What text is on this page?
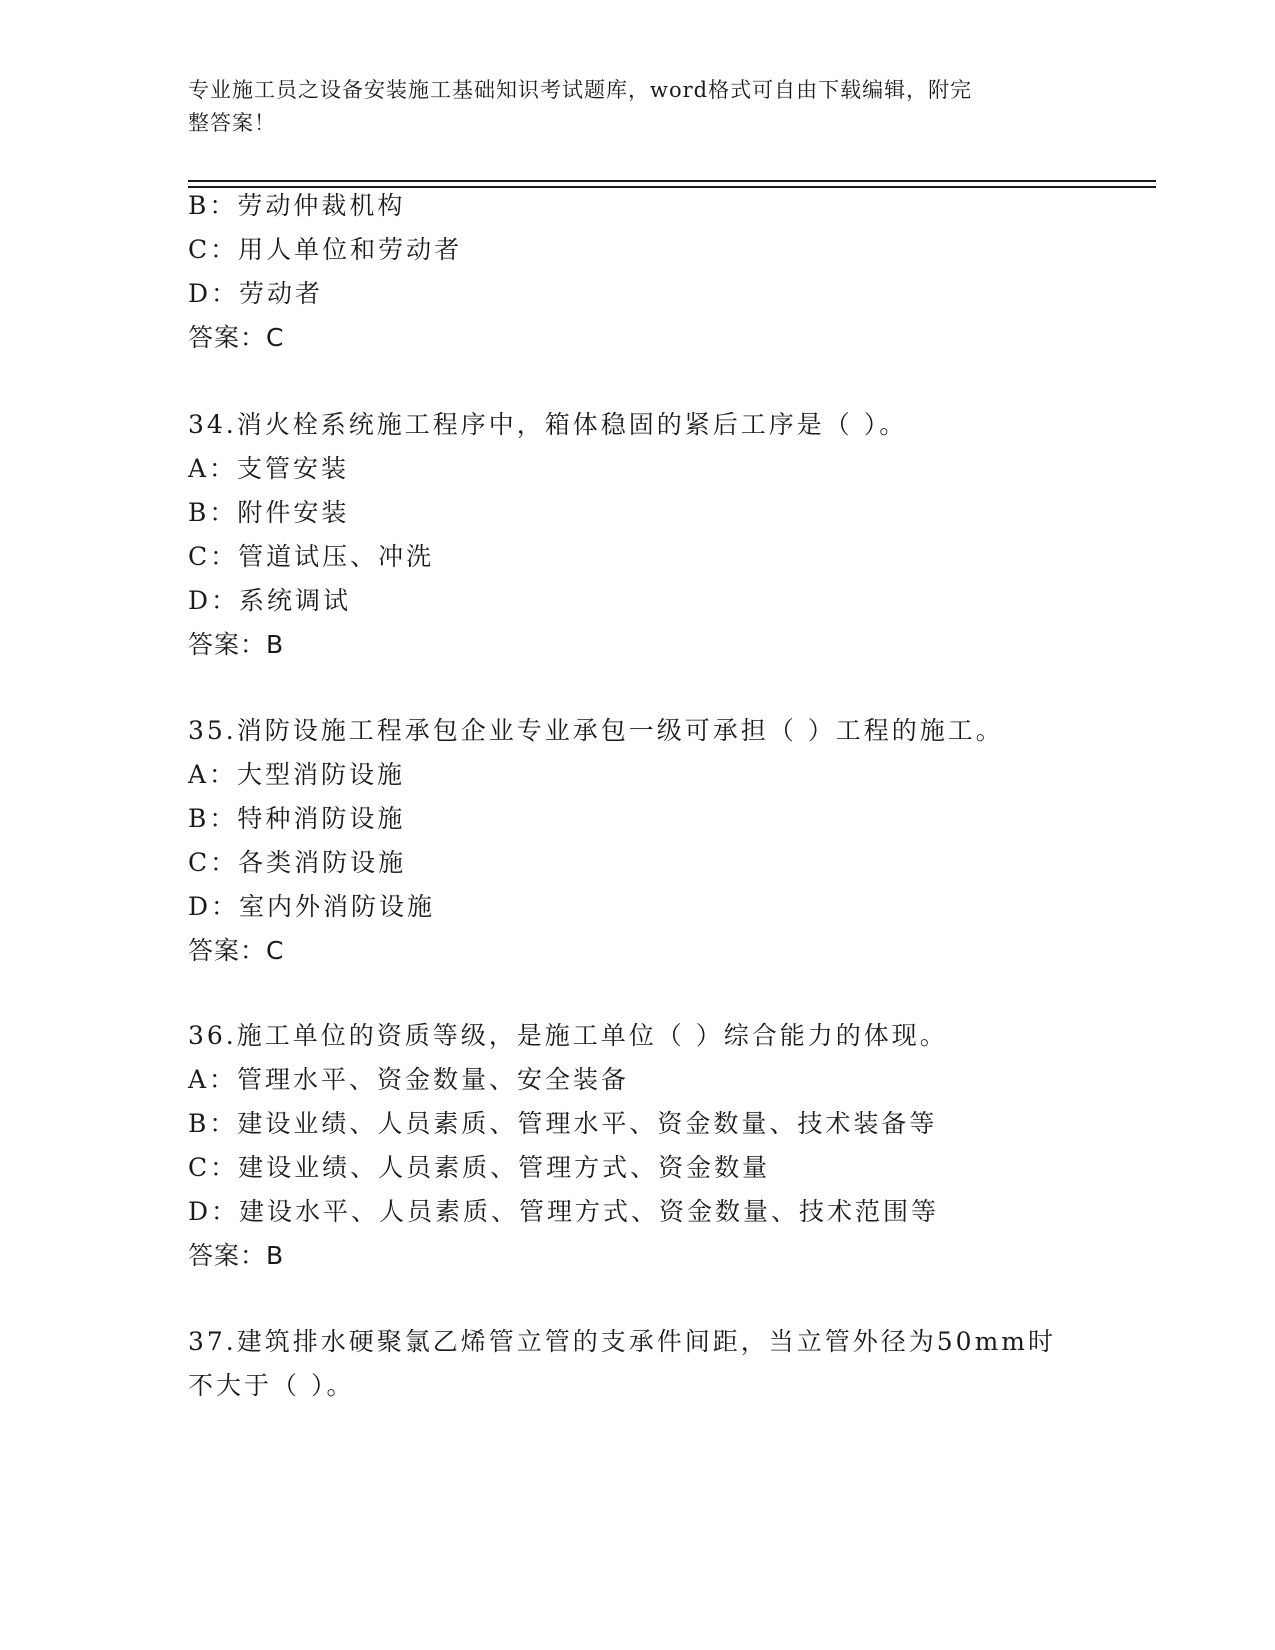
专业施工员之设备安装施工基础知识考试题库，word格式可自由下载编辑，附完
整答案！
B：劳动仲裁机构
C：用人单位和劳动者
D：劳动者
答案：C
34.消火栓系统施工程序中，箱体稳固的紧后工序是（ ）。
A：支管安装
B：附件安装
C：管道试压、冲洗
D：系统调试
答案：B
35.消防设施工程承包企业专业承包一级可承担（ ）工程的施工。
A：大型消防设施
B：特种消防设施
C：各类消防设施
D：室内外消防设施
答案：C
36.施工单位的资质等级，是施工单位（ ）综合能力的体现。
A：管理水平、资金数量、安全装备
B：建设业绩、人员素质、管理水平、资金数量、技术装备等
C：建设业绩、人员素质、管理方式、资金数量
D：建设水平、人员素质、管理方式、资金数量、技术范围等
答案：B
37.建筑排水硬聚氯乙烯管立管的支承件间距，当立管外径为50mm时
不大于（ ）。
